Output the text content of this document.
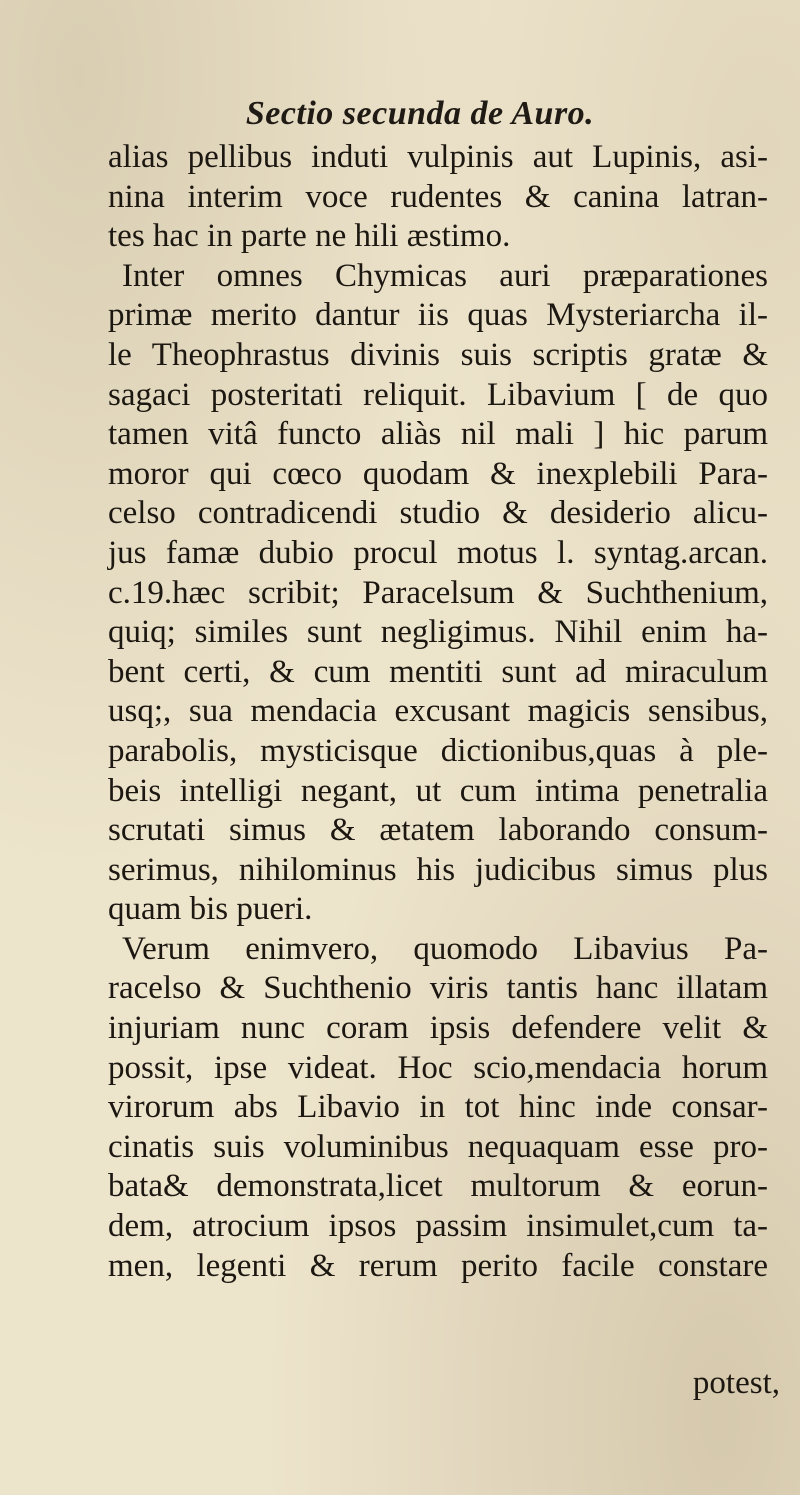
Sectio secunda de Auro.
alias pellibus induti vulpinis aut Lupinis, asi-
nina interim voce rudentes & canina latran-
tes hac in parte ne hili æstimo.
Inter omnes Chymicas auri præparationes
primæ merito dantur iis quas Mysteriarcha il-
le Theophrastus divinis suis scriptis gratæ &
sagaci posteritati reliquit. Libavium [ de quo
tamen vitâ functo aliàs nil mali ] hic parum
moror qui cœco quodam & inexplebili Para-
celso contradicendi studio & desiderio alicu-
jus famæ dubio procul motus l. syntag.arcan.
c.19.hæc scribit; Paracelsum & Suchthenium,
quiq; similes sunt negligimus. Nihil enim ha-
bent certi, & cum mentiti sunt ad miraculum
usq;, sua mendacia excusant magicis sensibus,
parabolis, mysticisque dictionibus,quas à ple-
beis intelligi negant, ut cum intima penetralia
scrutati simus & ætatem laborando consum-
serimus, nihilominus his judicibus simus plus
quam bis pueri.
Verum enimvero, quomodo Libavius Pa-
racelso & Suchthenio viris tantis hanc illatam
injuriam nunc coram ipsis defendere velit &
possit, ipse videat. Hoc scio,mendacia horum
virorum abs Libavio in tot hinc inde consar-
cinatis suis voluminibus nequaquam esse pro-
bata& demonstrata,licet multorum & eorun-
dem, atrocium ipsos passim insimulet,cum ta-
men, legenti & rerum perito facile constare
potest,
